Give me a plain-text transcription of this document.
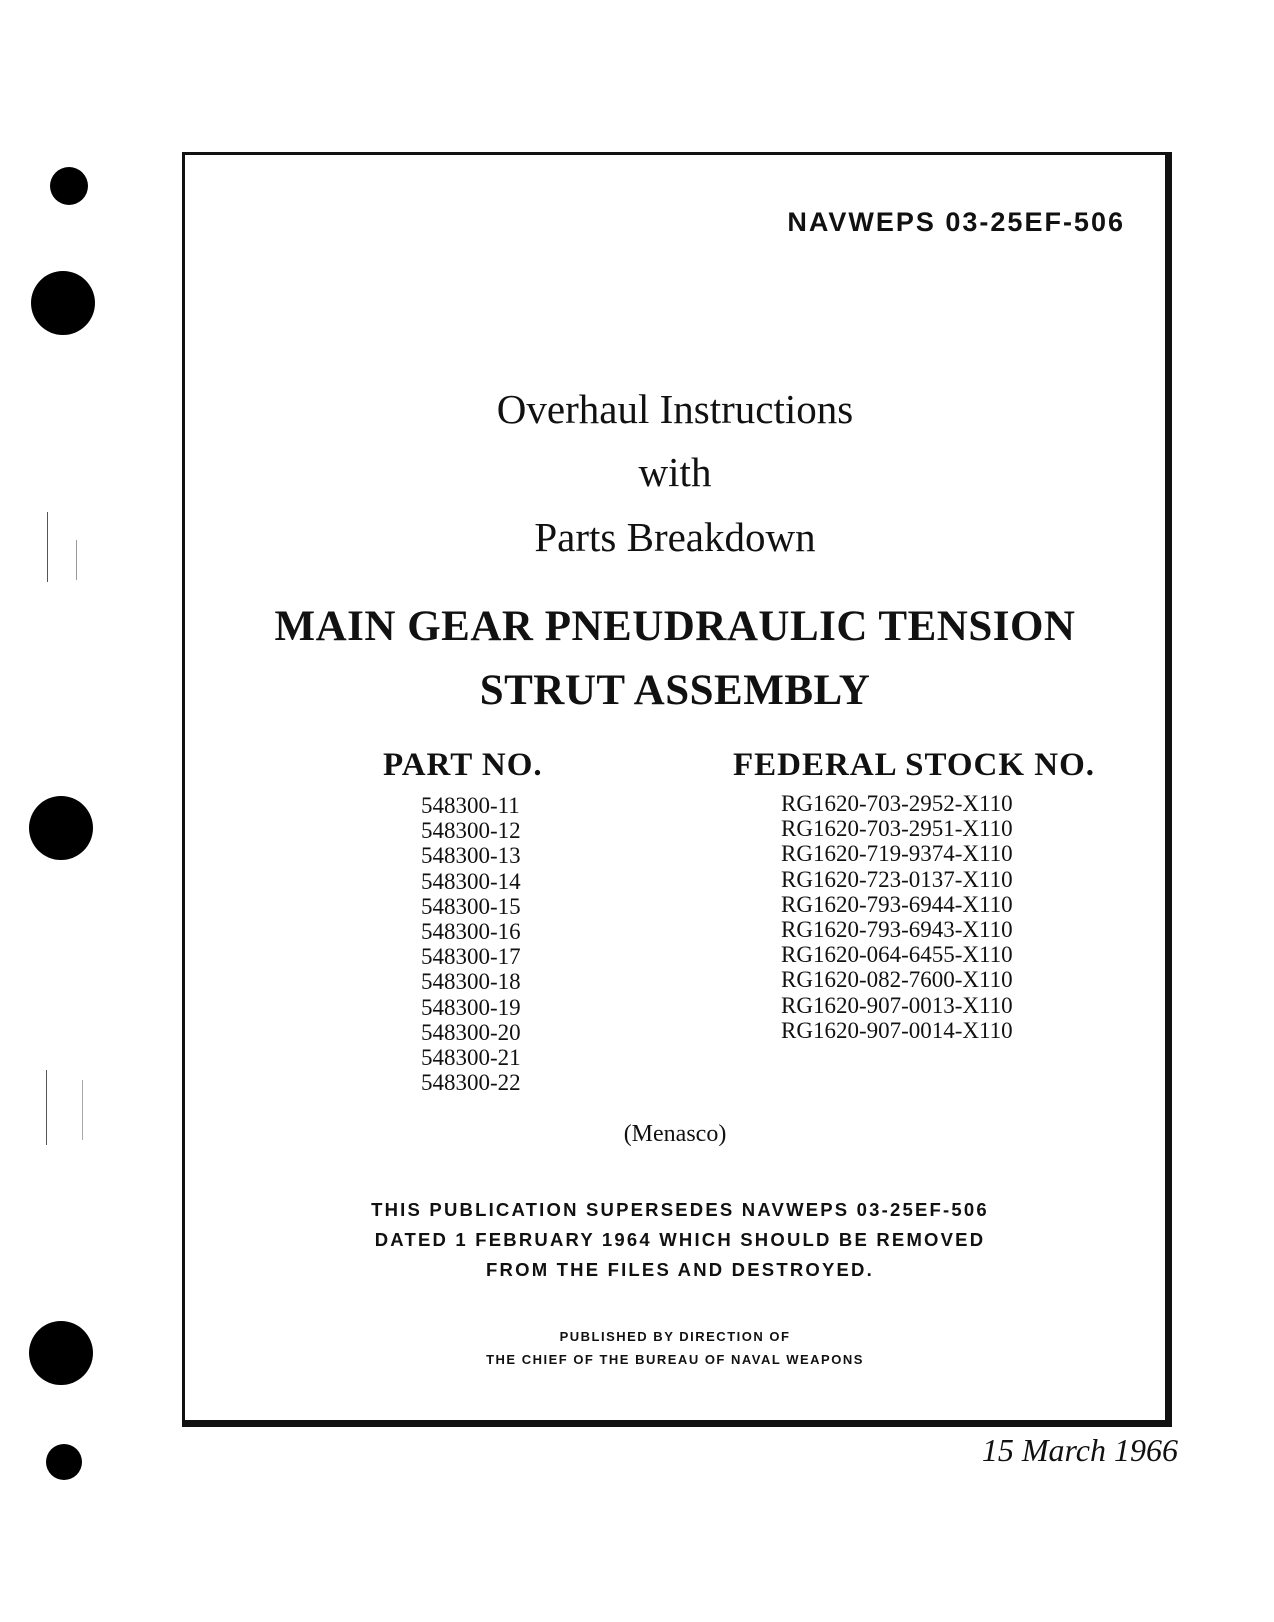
NAVWEPS 03-25EF-506
Overhaul Instructions
with
Parts Breakdown
MAIN GEAR PNEUDRAULIC TENSION
STRUT ASSEMBLY
PART NO.
548300-11
548300-12
548300-13
548300-14
548300-15
548300-16
548300-17
548300-18
548300-19
548300-20
548300-21
548300-22
FEDERAL STOCK NO.
RG1620-703-2952-X110
RG1620-703-2951-X110
RG1620-719-9374-X110
RG1620-723-0137-X110
RG1620-793-6944-X110
RG1620-793-6943-X110
RG1620-064-6455-X110
RG1620-082-7600-X110
RG1620-907-0013-X110
RG1620-907-0014-X110
(Menasco)
THIS PUBLICATION SUPERSEDES NAVWEPS 03-25EF-506
DATED 1 FEBRUARY 1964 WHICH SHOULD BE REMOVED
FROM THE FILES AND DESTROYED.
PUBLISHED BY DIRECTION OF
THE CHIEF OF THE BUREAU OF NAVAL WEAPONS
15 March 1966
